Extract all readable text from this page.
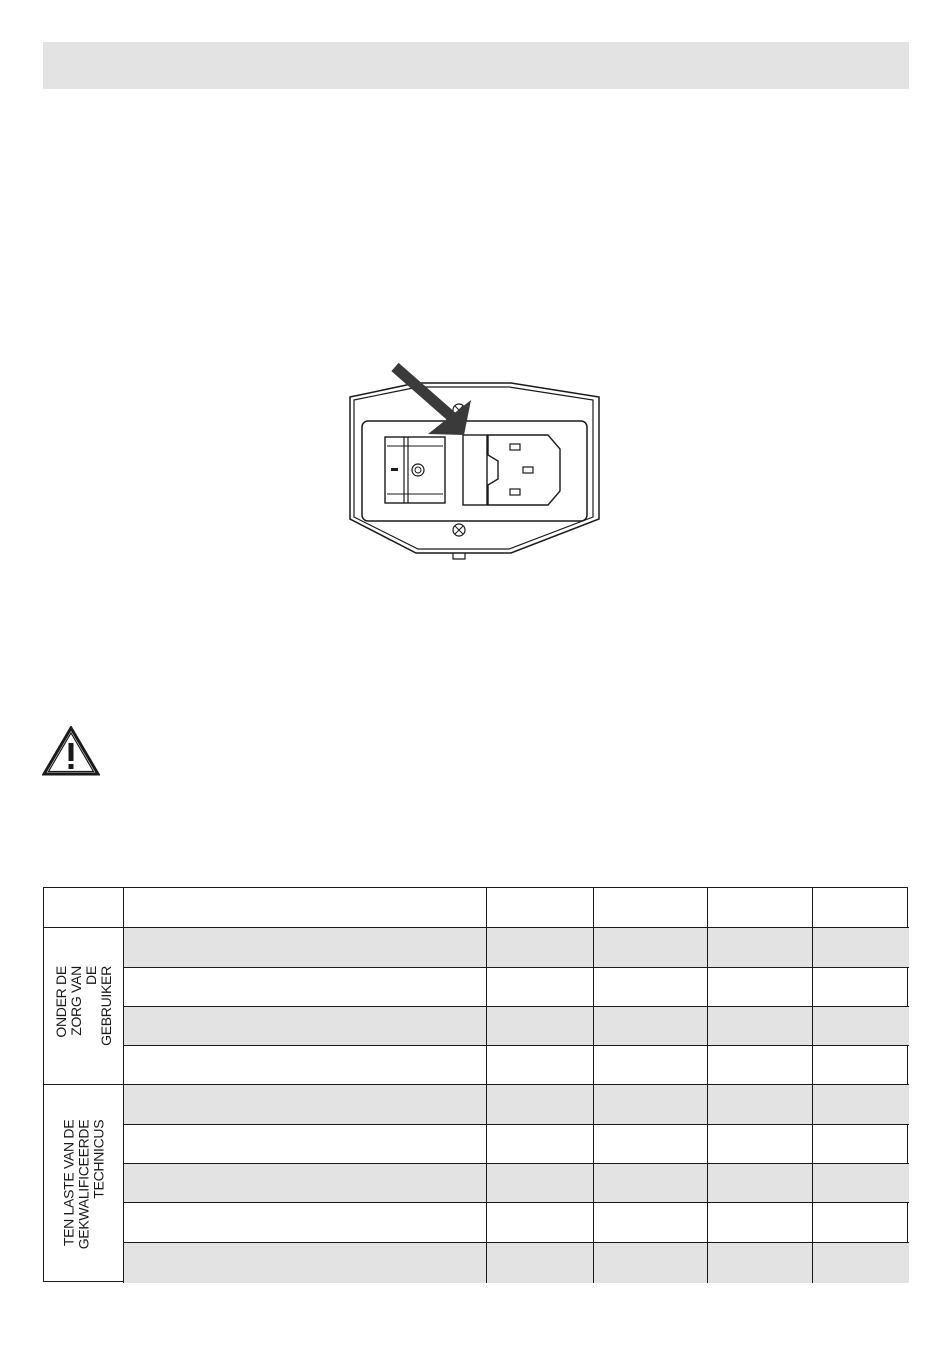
ONDER DE ZORG VAN DE
GEBRUIKER
TEN LASTE VAN DE
GEKWALIFICEERDE
TECHNICUS
